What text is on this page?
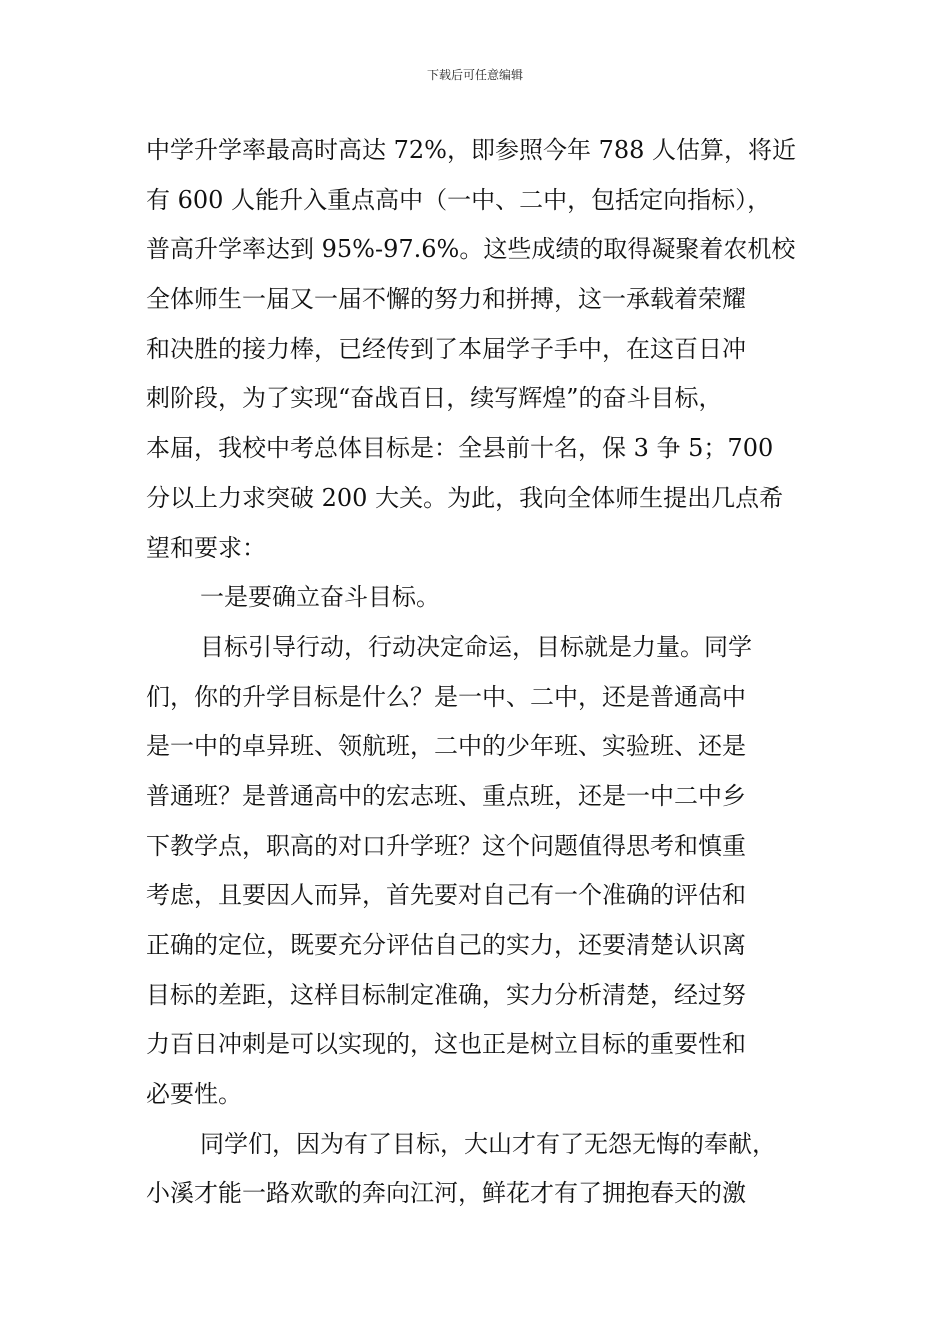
下载后可任意编辑
中学升学率最高时高达 72%，即参照今年 788 人估算，将近
有 600 人能升入重点高中（一中、二中，包括定向指标），
普高升学率达到 95%-97.6%。这些成绩的取得凝聚着农机校
全体师生一届又一届不懈的努力和拼搏，这一承载着荣耀
和决胜的接力棒，已经传到了本届学子手中，在这百日冲
刺阶段，为了实现“奋战百日，续写辉煌”的奋斗目标，
本届，我校中考总体目标是：全县前十名，保 3 争 5；700
分以上力求突破 200 大关。为此，我向全体师生提出几点希
望和要求：
一是要确立奋斗目标。
目标引导行动，行动决定命运，目标就是力量。同学
们，你的升学目标是什么？是一中、二中，还是普通高中
是一中的卓异班、领航班，二中的少年班、实验班、还是
普通班？是普通高中的宏志班、重点班，还是一中二中乡
下教学点，职高的对口升学班？这个问题值得思考和慎重
考虑，且要因人而异，首先要对自己有一个准确的评估和
正确的定位，既要充分评估自己的实力，还要清楚认识离
目标的差距，这样目标制定准确，实力分析清楚，经过努
力百日冲刺是可以实现的，这也正是树立目标的重要性和
必要性。
同学们，因为有了目标，大山才有了无怨无悔的奉献，
小溪才能一路欢歌的奔向江河，鲜花才有了拥抱春天的激
